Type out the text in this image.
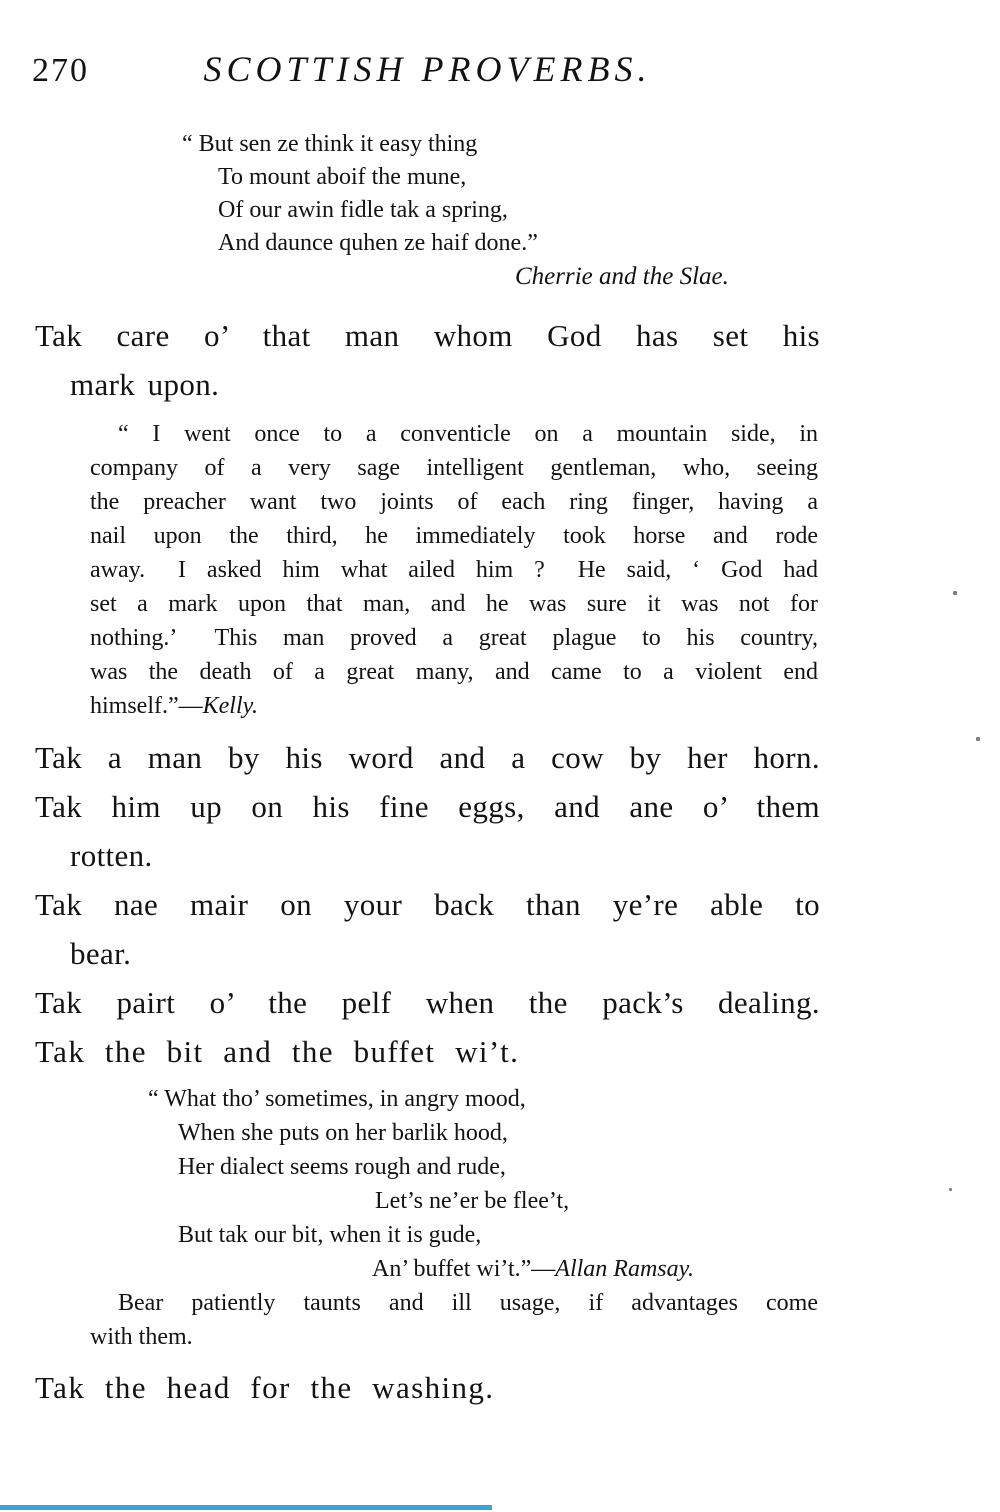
270	SCOTTISH PROVERBS.
“ But sen ze think it easy thing
To mount aboif the mune,
Of our awin fidle tak a spring,
And daunce quhen ze haif done.”
Cherrie and the Slae.
Tak care o’ that man whom God has set his
mark upon.
“ I went once to a conventicle on a mountain side, in
company of a very sage intelligent gentleman, who, seeing
the preacher want two joints of each ring finger, having a
nail upon the third, he immediately took horse and rode
away.  I asked him what ailed him ?  He said, ‘ God had
set a mark upon that man, and he was sure it was not for
nothing.’  This man proved a great plague to his country,
was the death of a great many, and came to a violent end
himself.”—Kelly.
Tak a man by his word and a cow by her horn.
Tak him up on his fine eggs, and ane o’ them
rotten.
Tak nae mair on your back than ye’re able to
bear.
Tak pairt o’ the pelf when the pack’s dealing.
Tak the bit and the buffet wi’t.
“ What tho’ sometimes, in angry mood,
When she puts on her barlik hood,
Her dialect seems rough and rude,
Let’s ne’er be flee’t,
But tak our bit, when it is gude,
An’ buffet wi’t.”—Allan Ramsay.
Bear patiently taunts and ill usage, if advantages come
with them.
Tak the head for the washing.
